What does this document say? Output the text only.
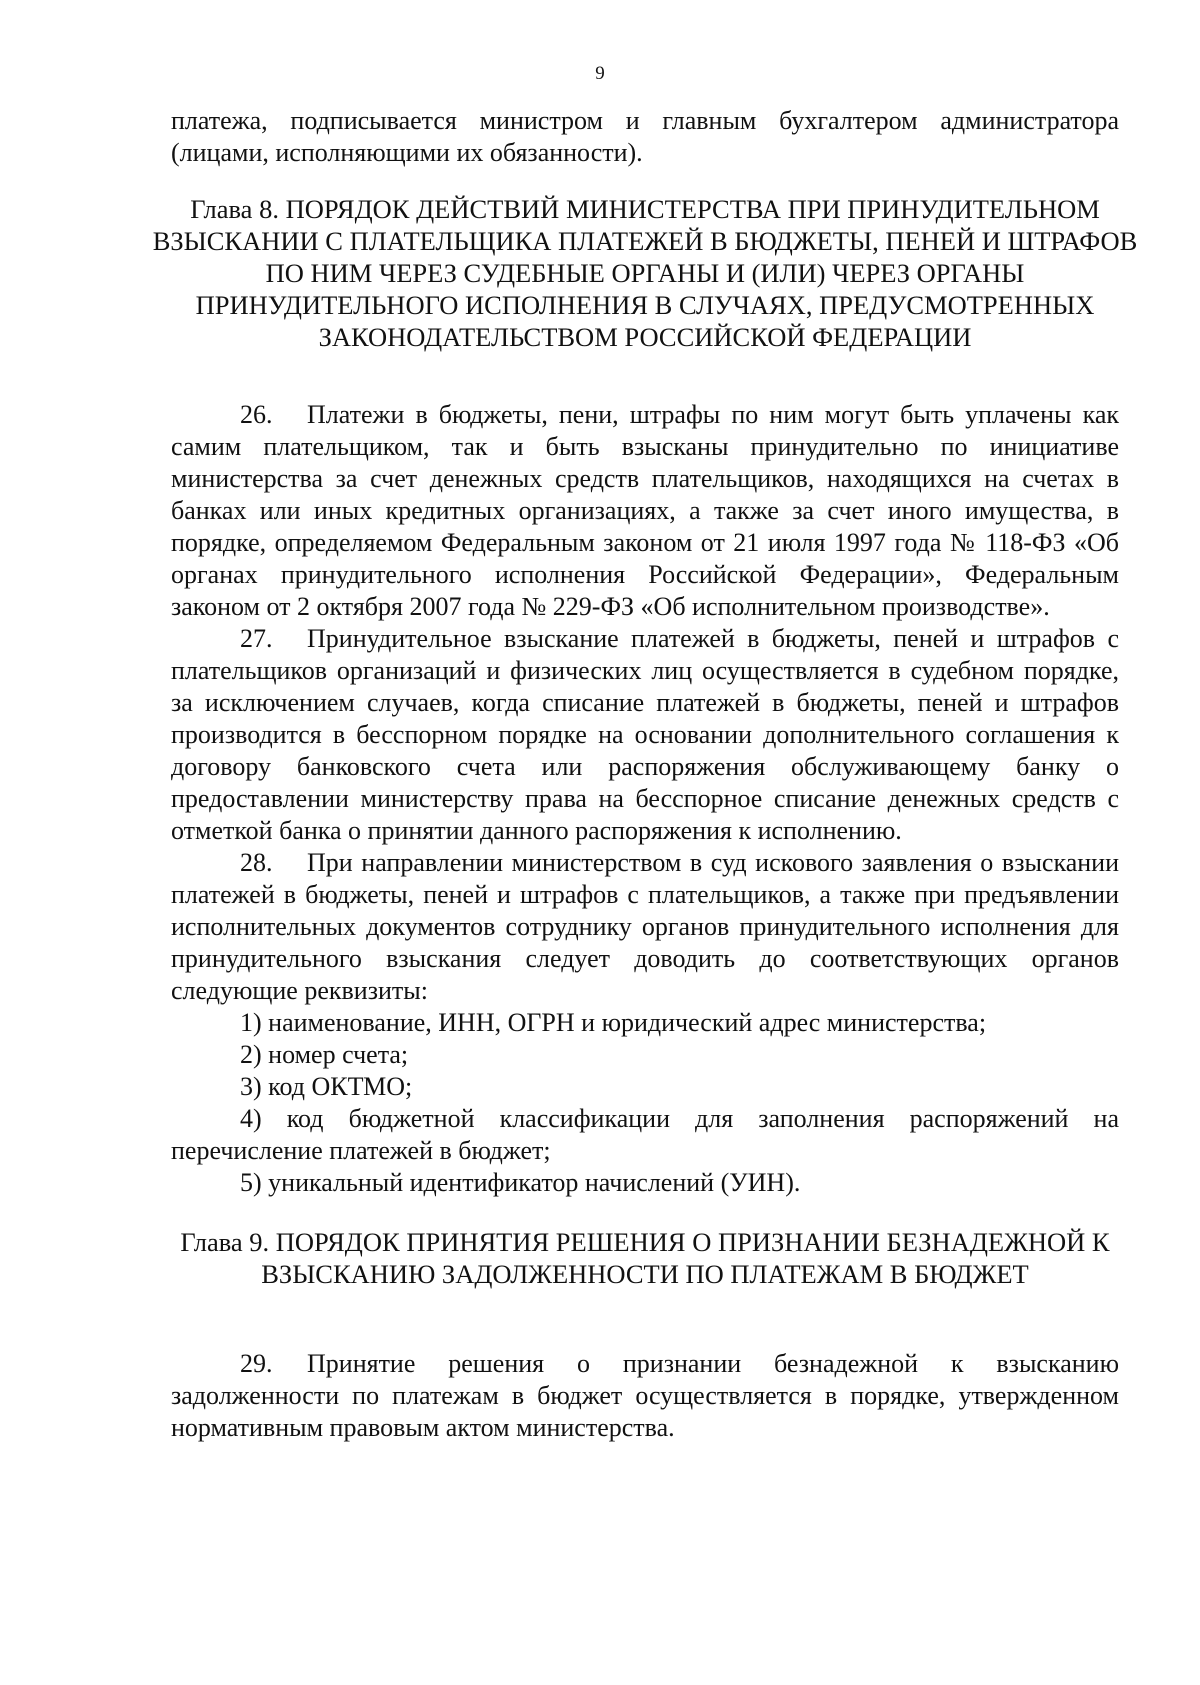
9

платежа, подписывается министром и главным бухгалтером администратора (лицами, исполняющими их обязанности).

Глава 8. ПОРЯДОК ДЕЙСТВИЙ МИНИСТЕРСТВА ПРИ ПРИНУДИТЕЛЬНОМ ВЗЫСКАНИИ С ПЛАТЕЛЬЩИКА ПЛАТЕЖЕЙ В БЮДЖЕТЫ, ПЕНЕЙ И ШТРАФОВ ПО НИМ ЧЕРЕЗ СУДЕБНЫЕ ОРГАНЫ И (ИЛИ) ЧЕРЕЗ ОРГАНЫ ПРИНУДИТЕЛЬНОГО ИСПОЛНЕНИЯ В СЛУЧАЯХ, ПРЕДУСМОТРЕННЫХ ЗАКОНОДАТЕЛЬСТВОМ РОССИЙСКОЙ ФЕДЕРАЦИИ

26. Платежи в бюджеты, пени, штрафы по ним могут быть уплачены как самим плательщиком, так и быть взысканы принудительно по инициативе министерства за счет денежных средств плательщиков, находящихся на счетах в банках или иных кредитных организациях, а также за счет иного имущества, в порядке, определяемом Федеральным законом от 21 июля 1997 года № 118-ФЗ «Об органах принудительного исполнения Российской Федерации», Федеральным законом от 2 октября 2007 года № 229-ФЗ «Об исполнительном производстве».

27. Принудительное взыскание платежей в бюджеты, пеней и штрафов с плательщиков организаций и физических лиц осуществляется в судебном порядке, за исключением случаев, когда списание платежей в бюджеты, пеней и штрафов производится в бесспорном порядке на основании дополнительного соглашения к договору банковского счета или распоряжения обслуживающему банку о предоставлении министерству права на бесспорное списание денежных средств с отметкой банка о принятии данного распоряжения к исполнению.

28. При направлении министерством в суд искового заявления о взыскании платежей в бюджеты, пеней и штрафов с плательщиков, а также при предъявлении исполнительных документов сотруднику органов принудительного исполнения для принудительного взыскания следует доводить до соответствующих органов следующие реквизиты:

1) наименование, ИНН, ОГРН и юридический адрес министерства;

2) номер счета;

3) код ОКТМО;

4) код бюджетной классификации для заполнения распоряжений на перечисление платежей в бюджет;

5) уникальный идентификатор начислений (УИН).

Глава 9. ПОРЯДОК ПРИНЯТИЯ РЕШЕНИЯ О ПРИЗНАНИИ БЕЗНАДЕЖНОЙ К ВЗЫСКАНИЮ ЗАДОЛЖЕННОСТИ ПО ПЛАТЕЖАМ В БЮДЖЕТ

29. Принятие решения о признании безнадежной к взысканию задолженности по платежам в бюджет осуществляется в порядке, утвержденном нормативным правовым актом министерства.
